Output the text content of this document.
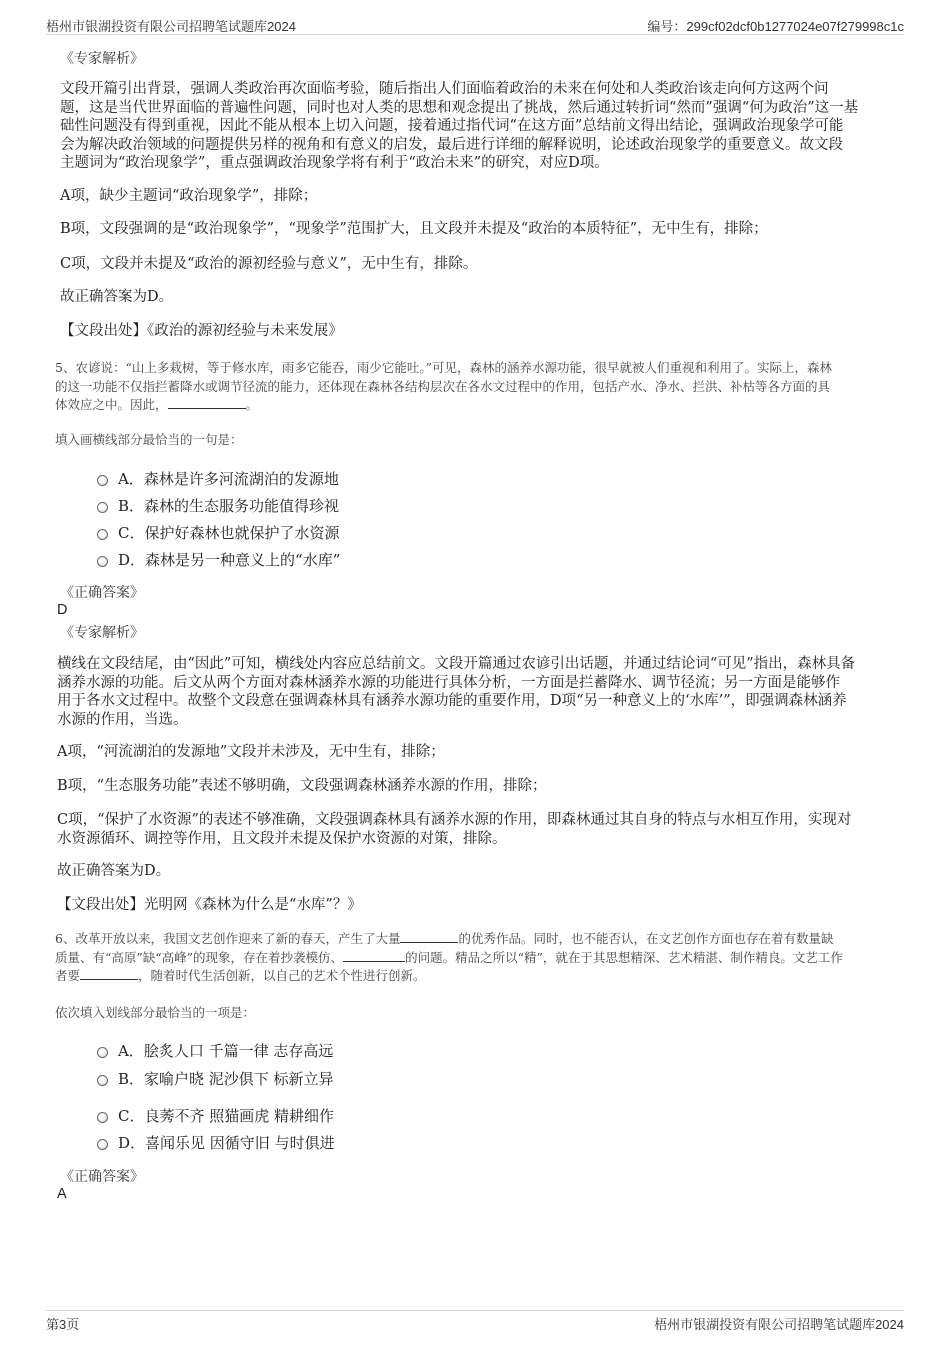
梧州市银湖投资有限公司招聘笔试题库2024	编号：299cf02dcf0b1277024e07f279998c1c
《专家解析》
文段开篇引出背景，强调人类政治再次面临考验，随后指出人们面临着政治的未来在何处和人类政治该走向何方这两个问
题，这是当代世界面临的普遍性问题，同时也对人类的思想和观念提出了挑战，然后通过转折词“然而”强调“何为政治”这一基
础性问题没有得到重视，因此不能从根本上切入问题，接着通过指代词“在这方面”总结前文得出结论，强调政治现象学可能
会为解决政治领域的问题提供另样的视角和有意义的启发，最后进行详细的解释说明，论述政治现象学的重要意义。故文段
主题词为“政治现象学”，重点强调政治现象学将有利于“政治未来”的研究，对应D项。
A项，缺少主题词“政治现象学”，排除；
B项，文段强调的是“政治现象学”，“现象学”范围扩大，且文段并未提及“政治的本质特征”，无中生有，排除；
C项，文段并未提及“政治的源初经验与意义”，无中生有，排除。
故正确答案为D。
【文段出处】《政治的源初经验与未来发展》
5、农谚说：“山上多栽树，等于修水库，雨多它能吞，雨少它能吐。”可见，森林的涵养水源功能，很早就被人们重视和利用了。实际上，森林
的这一功能不仅指拦蓄降水或调节径流的能力，还体现在森林各结构层次在各水文过程中的作用，包括产水、净水、拦洪、补枯等各方面的具
体效应之中。因此，	。
填入画横线部分最恰当的一句是：
A．森林是许多河流湖泊的发源地
B．森林的生态服务功能值得珍视
C．保护好森林也就保护了水资源
D．森林是另一种意义上的“水库”
《正确答案》
D
《专家解析》
横线在文段结尾，由“因此”可知，横线处内容应总结前文。文段开篇通过农谚引出话题，并通过结论词“可见”指出，森林具备
涵养水源的功能。后文从两个方面对森林涵养水源的功能进行具体分析，一方面是拦蓄降水、调节径流；另一方面是能够作
用于各水文过程中。故整个文段意在强调森林具有涵养水源功能的重要作用，D项“另一种意义上的‘水库’”，即强调森林涵养
水源的作用，当选。
A项，“河流湖泊的发源地”文段并未涉及，无中生有，排除；
B项，“生态服务功能”表述不够明确，文段强调森林涵养水源的作用，排除；
C项，“保护了水资源”的表述不够准确，文段强调森林具有涵养水源的作用，即森林通过其自身的特点与水相互作用，实现对
水资源循环、调控等作用，且文段并未提及保护水资源的对策，排除。
故正确答案为D。
【文段出处】光明网《森林为什么是“水库”？》
6、改革开放以来，我国文艺创作迎来了新的春天，产生了大量	的优秀作品。同时，也不能否认，在文艺创作方面也存在着有数量缺
质量、有“高原”缺“高峰”的现象，存在着抄袭模仿、	的问题。精品之所以“精”，就在于其思想精深、艺术精湛、制作精良。文艺工作
者要	，随着时代生活创新，以自己的艺术个性进行创新。
依次填入划线部分最恰当的一项是：
A．脍炙人口 千篇一律 志存高远
B．家喻户晓 泥沙俱下 标新立异
C．良莠不齐 照猫画虎 精耕细作
D．喜闻乐见 因循守旧 与时俱进
《正确答案》
A
第3页	梧州市银湖投资有限公司招聘笔试题库2024
